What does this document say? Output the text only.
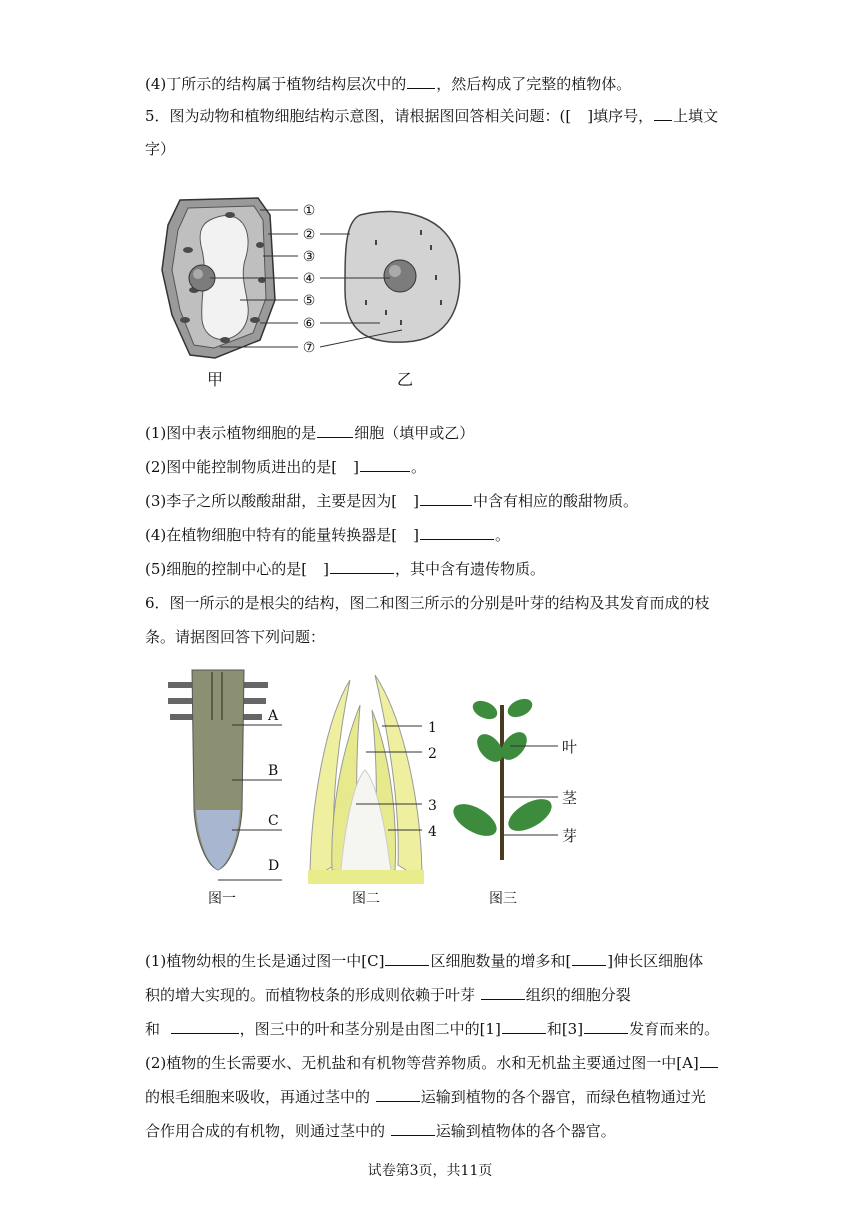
(4)丁所示的结构属于植物结构层次中的 ，然后构成了完整的植物体。
5．图为动物和植物细胞结构示意图，请根据图回答相关问题：([ ]填序号， 上填文
字）
①
②
③
④
⑤
⑥
⑦
甲	乙
(1)图中表示植物细胞的是	细胞（填甲或乙）
(2)图中能控制物质进出的是[ ]	。
(3)李子之所以酸酸甜甜，主要是因为[ ]	中含有相应的酸甜物质。
(4)在植物细胞中特有的能量转换器是[ ]	。
(5)细胞的控制中心的是[ ]	，其中含有遗传物质。
6．图一所示的是根尖的结构，图二和图三所示的分别是叶芽的结构及其发育而成的枝
条。请据图回答下列问题：
A
B
C
D
图一
1
2
3
4
图二
叶
茎
芽
图三
(1)植物幼根的生长是通过图一中[C]	区细胞数量的增多和[ ]伸长区细胞体
积的增大实现的。而植物枝条的形成则依赖于叶芽	组织的细胞分裂
和	，图三中的叶和茎分别是由图二中的[1]	和[3]	发育而来的。
(2)植物的生长需要水、无机盐和有机物等营养物质。水和无机盐主要通过图一中[A]
的根毛细胞来吸收，再通过茎中的	运输到植物的各个器官，而绿色植物通过光
合作用合成的有机物，则通过茎中的	运输到植物体的各个器官。
试卷第3页，共11页
